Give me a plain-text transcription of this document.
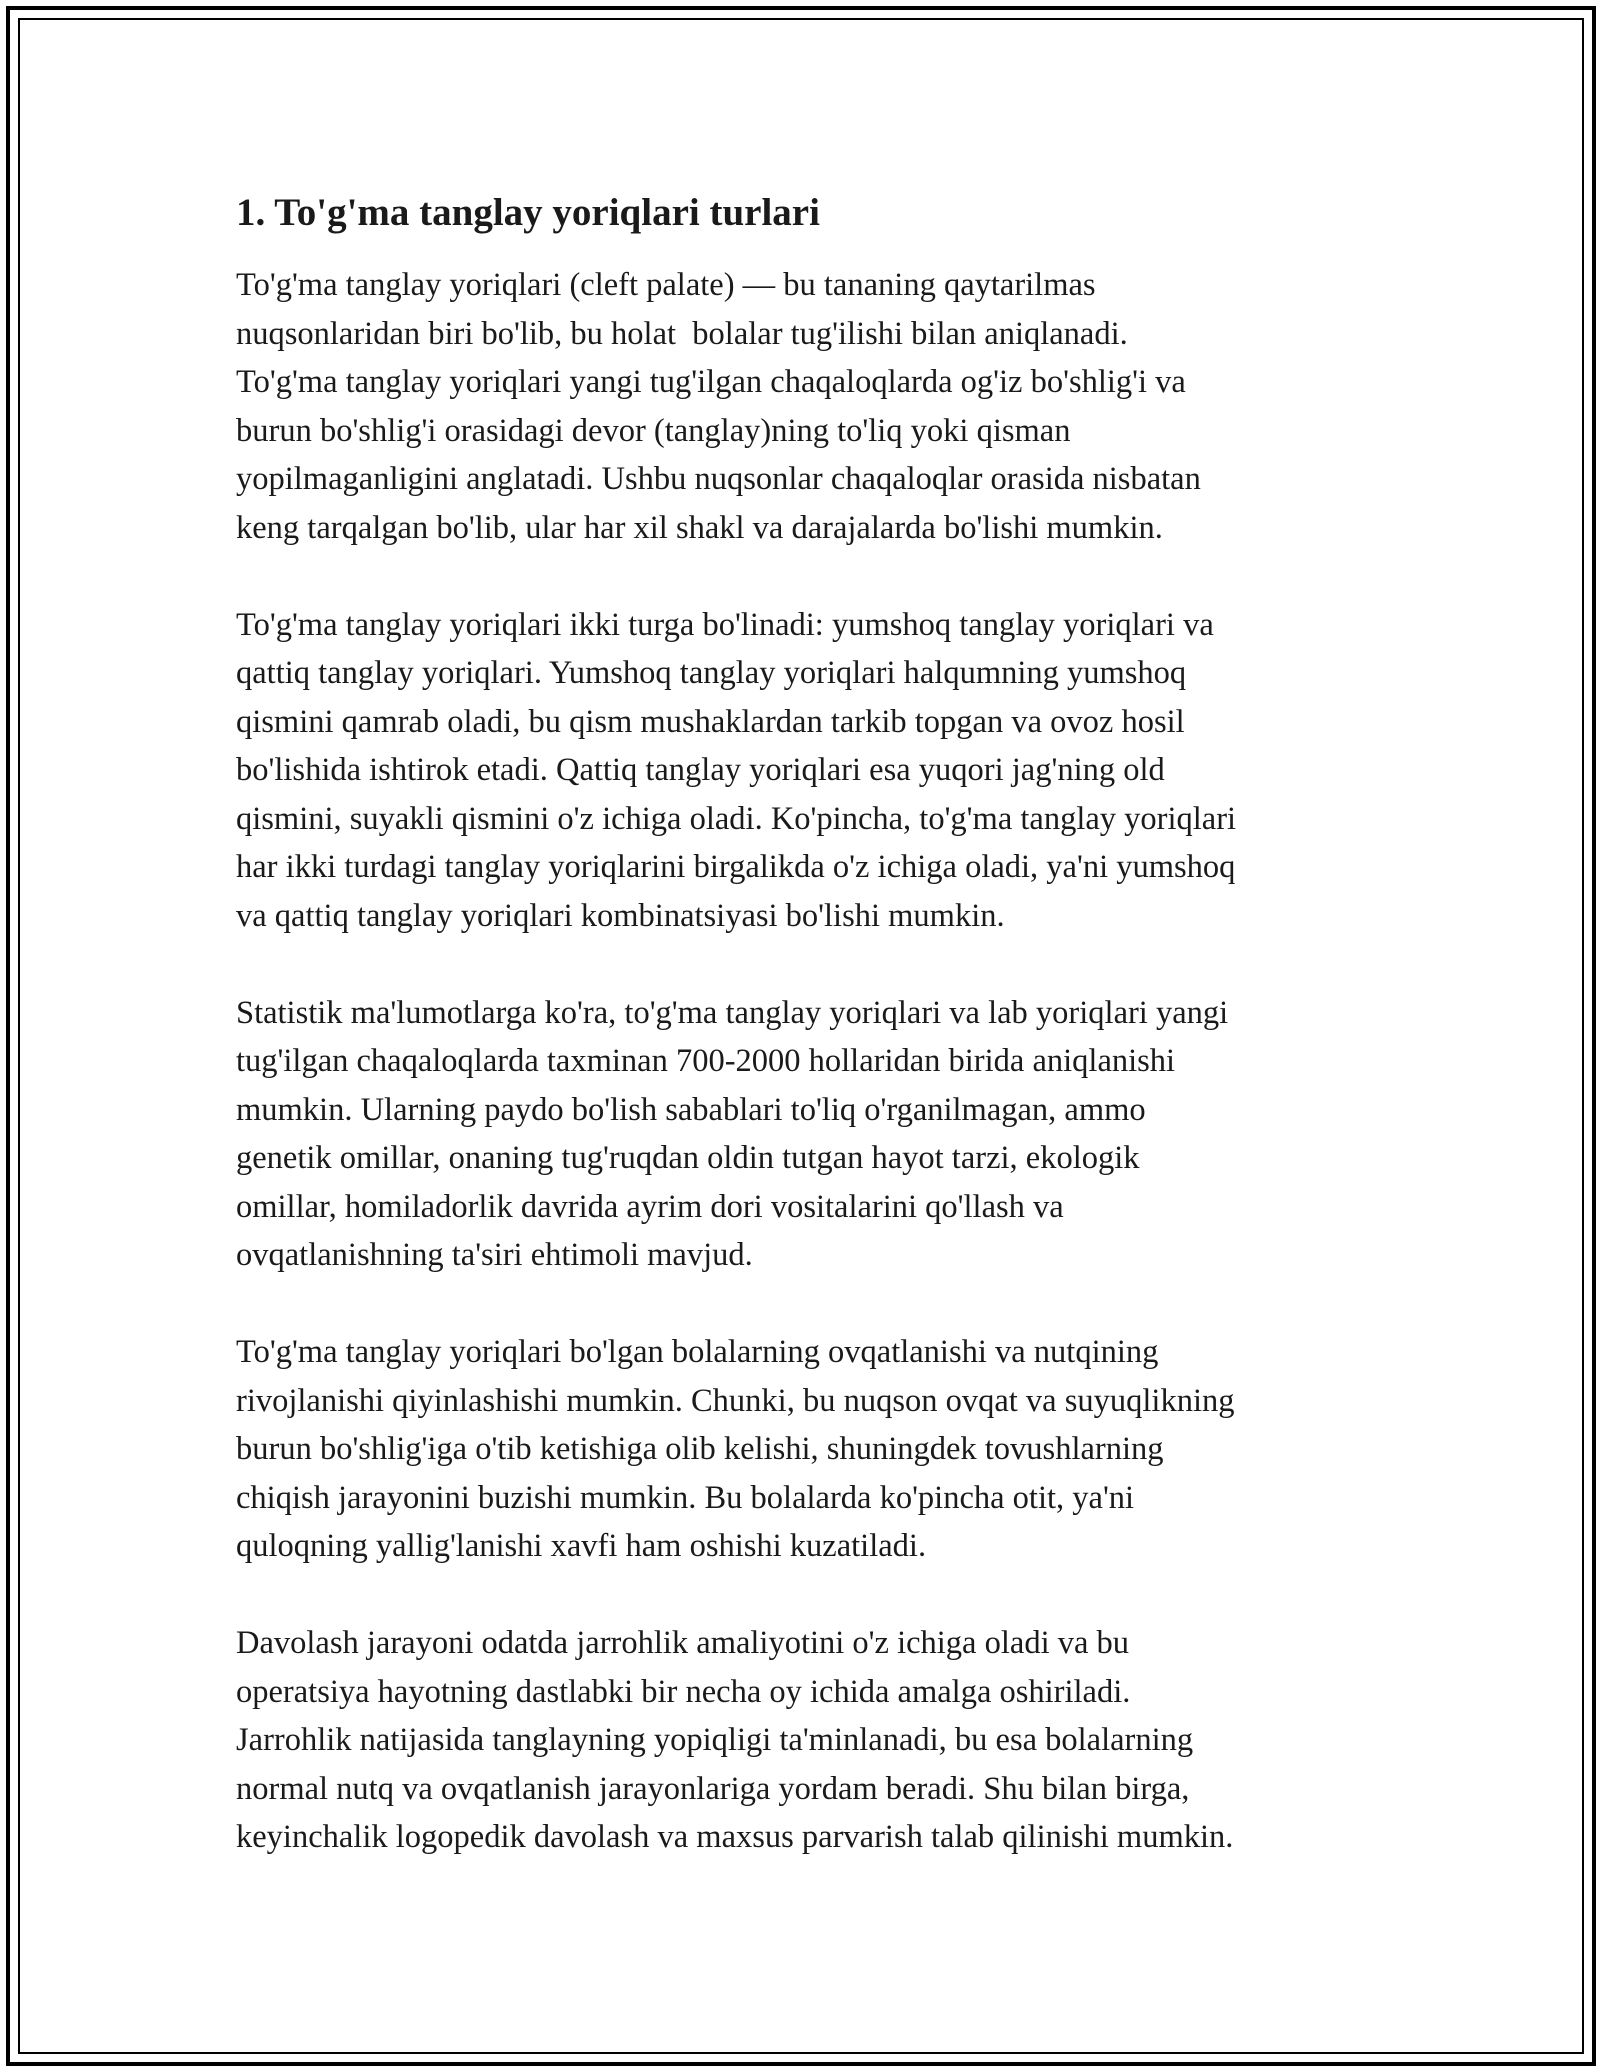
1. To'g'ma tanglay yoriqlari turlari

To'g'ma tanglay yoriqlari (cleft palate) — bu tananing qaytarilmas
nuqsonlaridan biri bo'lib, bu holat  bolalar tug'ilishi bilan aniqlanadi.
To'g'ma tanglay yoriqlari yangi tug'ilgan chaqaloqlarda og'iz bo'shlig'i va
burun bo'shlig'i orasidagi devor (tanglay)ning to'liq yoki qisman
yopilmaganligini anglatadi. Ushbu nuqsonlar chaqaloqlar orasida nisbatan
keng tarqalgan bo'lib, ular har xil shakl va darajalarda bo'lishi mumkin.

To'g'ma tanglay yoriqlari ikki turga bo'linadi: yumshoq tanglay yoriqlari va
qattiq tanglay yoriqlari. Yumshoq tanglay yoriqlari halqumning yumshoq
qismini qamrab oladi, bu qism mushaklardan tarkib topgan va ovoz hosil
bo'lishida ishtirok etadi. Qattiq tanglay yoriqlari esa yuqori jag'ning old
qismini, suyakli qismini o'z ichiga oladi. Ko'pincha, to'g'ma tanglay yoriqlari
har ikki turdagi tanglay yoriqlarini birgalikda o'z ichiga oladi, ya'ni yumshoq
va qattiq tanglay yoriqlari kombinatsiyasi bo'lishi mumkin.

Statistik ma'lumotlarga ko'ra, to'g'ma tanglay yoriqlari va lab yoriqlari yangi
tug'ilgan chaqaloqlarda taxminan 700-2000 hollaridan birida aniqlanishi
mumkin. Ularning paydo bo'lish sabablari to'liq o'rganilmagan, ammo
genetik omillar, onaning tug'ruqdan oldin tutgan hayot tarzi, ekologik
omillar, homiladorlik davrida ayrim dori vositalarini qo'llash va
ovqatlanishning ta'siri ehtimoli mavjud.

To'g'ma tanglay yoriqlari bo'lgan bolalarning ovqatlanishi va nutqining
rivojlanishi qiyinlashishi mumkin. Chunki, bu nuqson ovqat va suyuqlikning
burun bo'shlig'iga o'tib ketishiga olib kelishi, shuningdek tovushlarning
chiqish jarayonini buzishi mumkin. Bu bolalarda ko'pincha otit, ya'ni
quloqning yallig'lanishi xavfi ham oshishi kuzatiladi.

Davolash jarayoni odatda jarrohlik amaliyotini o'z ichiga oladi va bu
operatsiya hayotning dastlabki bir necha oy ichida amalga oshiriladi.
Jarrohlik natijasida tanglayning yopiqligi ta'minlanadi, bu esa bolalarning
normal nutq va ovqatlanish jarayonlariga yordam beradi. Shu bilan birga,
keyinchalik logopedik davolash va maxsus parvarish talab qilinishi mumkin.
